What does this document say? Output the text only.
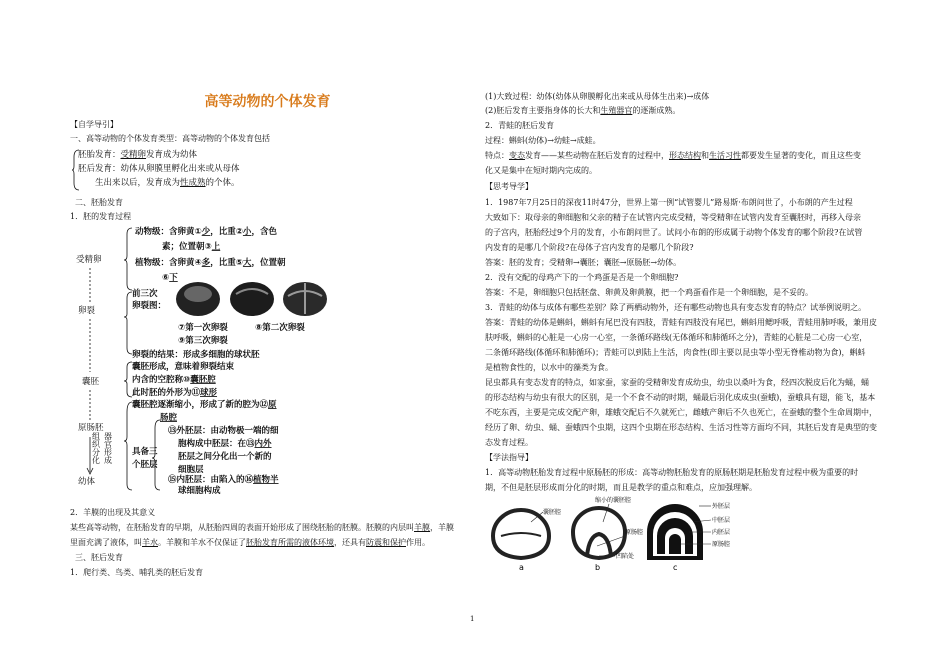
高等动物的个体发育
【自学导引】
一、高等动物的个体发育类型：高等动物的个体发育包括
胚胎发育：受精卵发育成为幼体
胚后发育：幼体从卵膜里孵化出来或从母体
生出来以后，发育成为性成熟的个体。
二、胚胎发育
1．胚的发育过程
受精卵
卵裂
囊胚
原肠胚
幼体
组织分化 器官形成
动物级：含卵黄①少，比重②小，含色
素；位置朝③上
植物级：含卵黄④多，比重⑤大，位置朝
⑥下
前三次
卵裂图：
⑦第一次卵裂	⑧第二次卵裂
⑨第三次卵裂
卵裂的结果：形成多细胞的球状胚
囊胚形成，意味着卵裂结束
内含的空腔称⑩囊胚腔
此时胚的外形为⑪球形
囊胚腔逐渐缩小，形成了新的腔为⑫原
肠腔
⑬外胚层：由动物极一端的细
胞构成中胚层：在⑬内外
胚层之间分化出一个新的
细胞层
⑮内胚层：由陷入的⑯植物半
球细胞构成
具备三
个胚层
2．羊膜的出现及其意义
某些高等动物，在胚胎发育的早期，从胚胎四周的表面开始形成了围绕胚胎的胚膜。胚膜的内层叫羊膜，羊膜
里面充满了液体，叫羊水。羊膜和羊水不仅保证了胚胎发育所需的液体环境，还具有防震和保护作用。
三、胚后发育
1．爬行类、鸟类、哺乳类的胚后发育
(1)大致过程：幼体(幼体从卵膜孵化出来或从母体生出来)→成体
(2)胚后发育主要指身体的长大和生殖器官的逐渐成熟。
2．青蛙的胚后发育
过程：蝌蚪(幼体)→幼蛙→成蛙。
特点：变态发育——某些动物在胚后发育的过程中，形态结构和生活习性都要发生显著的变化，而且这些变
化又是集中在短时期内完成的。
【思考导学】
1．1987年7月25日的深夜11时47分，世界上第一例“试管婴儿”路易斯·布朗问世了，小布朗的产生过程
大致如下：取母亲的卵细胞和父亲的精子在试管内完成受精，等受精卵在试管内发育至囊胚时，再移入母亲
的子宫内，胚胎经过9个月的发育，小布朗问世了。试问小布朗的形成属于动物个体发育的哪个阶段?在试管
内发育的是哪几个阶段?在母体子宫内发育的是哪几个阶段?
答案：胚的发育；受精卵→囊胚；囊胚→原肠胚→幼体。
2．没有交配的母鸡产下的一个鸡蛋是否是一个卵细胞?
答案：不是，卵细胞只包括胚盘、卵黄及卵黄膜，把一个鸡蛋看作是一个卵细胞，是不妥的。
3．青蛙的幼体与成体有哪些差别？除了两栖动物外，还有哪些动物也具有变态发育的特点？试举例说明之。
答案：青蛙的幼体是蝌蚪，蝌蚪有尾巴没有四肢，青蛙有四肢没有尾巴，蝌蚪用鳃呼吸，青蛙用肺呼吸，兼用皮
肤呼吸，蝌蚪的心脏是一心房一心室，一条循环路线(无体循环和肺循环之分)，青蛙的心脏是二心房一心室，
二条循环路线(体循环和肺循环)；青蛙可以到陆上生活，肉食性(即主要以昆虫等小型无脊椎动物为食)，蝌蚪
是植物食性的，以水中的藻类为食。
昆虫都具有变态发育的特点，如家蚕，家蚕的受精卵发育成幼虫，幼虫以桑叶为食，经四次脱皮后化为蛹，蛹
的形态结构与幼虫有很大的区别，是一个不食不动的时期，蛹最后羽化成成虫(蚕蛾)，蚕蛾具有翅，能飞，基本
不吃东西，主要是完成交配产卵，雄蛾交配后不久就死亡，雌蛾产卵后不久也死亡，在蚕蛾的整个生命周期中，
经历了卵、幼虫、蛹、蚕蛾四个虫期，这四个虫期在形态结构、生活习性等方面均不同，其胚后发育是典型的变
态发育过程。
【学法指导】
1．高等动物胚胎发育过程中原肠胚的形成：高等动物胚胎发育的原肠胚期是胚胎发育过程中极为重要的时
期，不但是胚层形成而分化的时期，而且是教学的重点和难点，应加强理解。
囊胚腔
a
缩小的囊胚腔
原肠腔
凹陷处
b
外胚层
中胚层
内胚层
原肠腔
c
1
